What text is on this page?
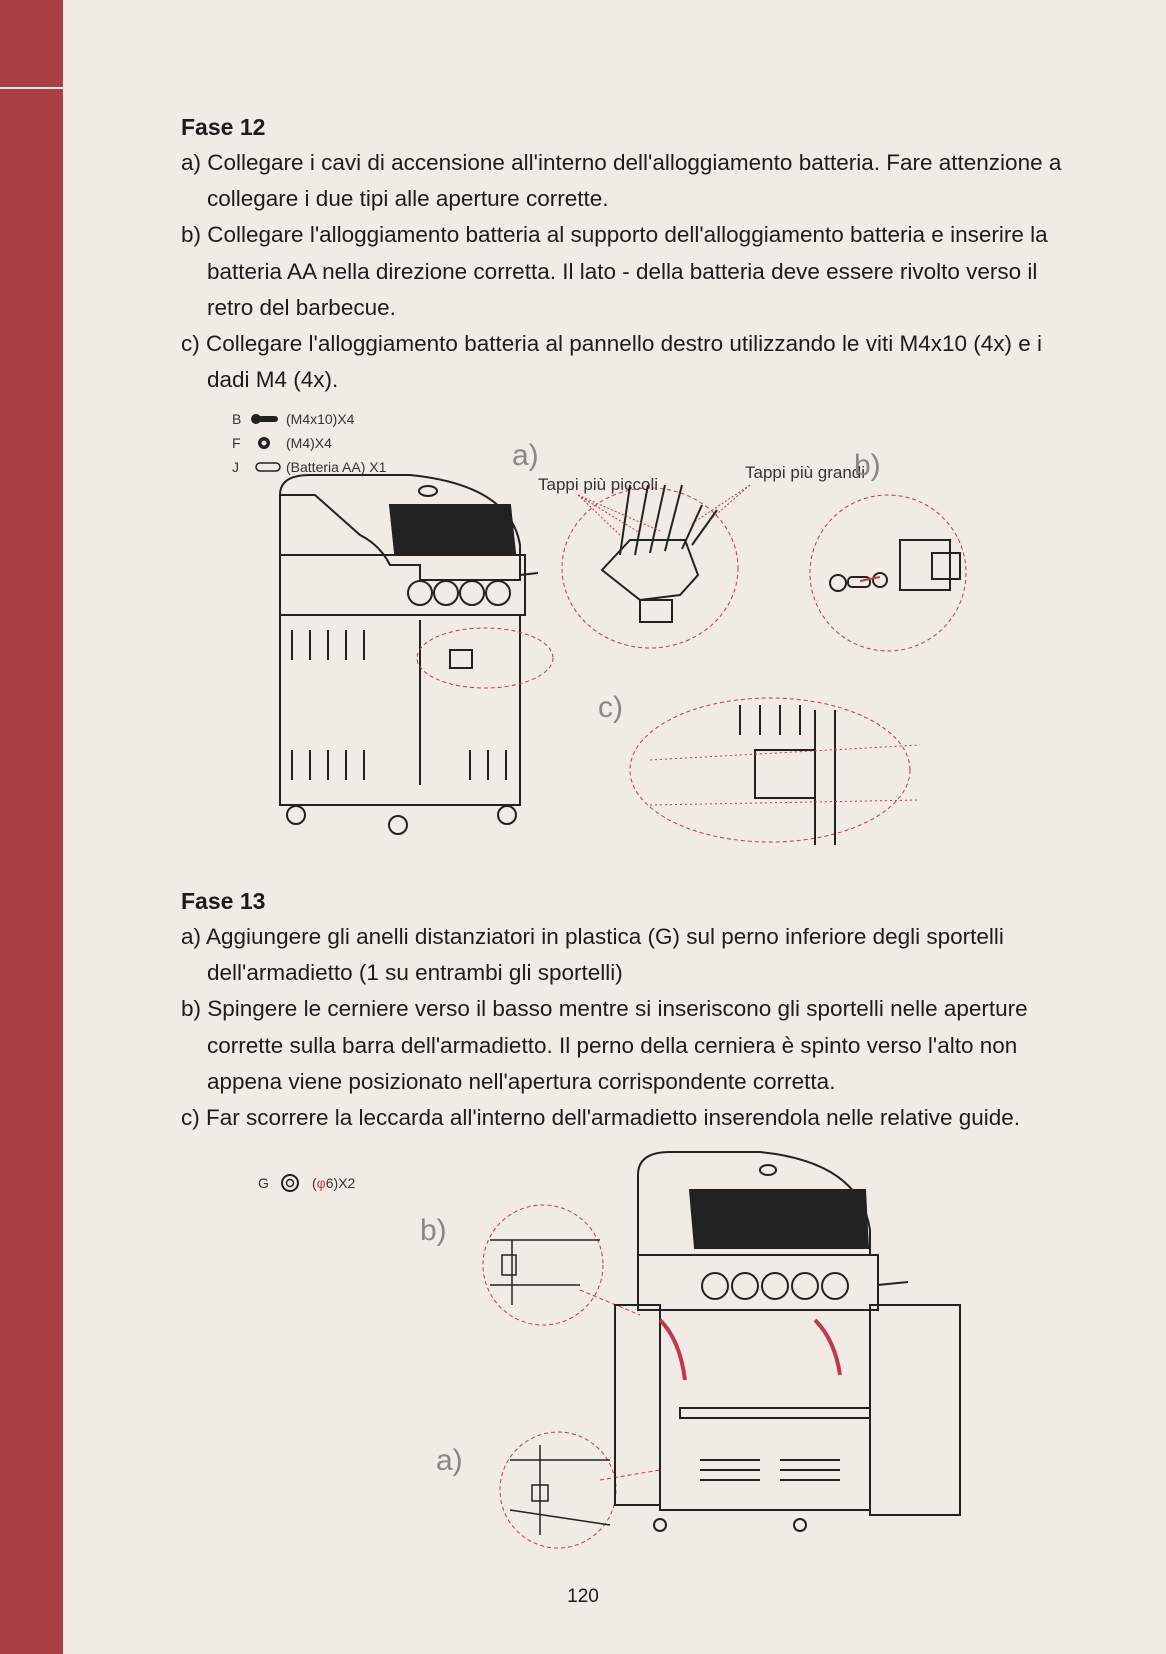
Fase 12
a) Collegare i cavi di accensione all'interno dell'alloggiamento batteria. Fare attenzione a collegare i due tipi alle aperture corrette.
b) Collegare l'alloggiamento batteria al supporto dell'alloggiamento batteria e inserire la batteria AA nella direzione corretta. Il lato - della batteria deve essere rivolto verso il retro del barbecue.
c) Collegare l'alloggiamento batteria al pannello destro utilizzando le viti M4x10 (4x) e i dadi M4 (4x).
B	(M4x10)X4
F	(M4)X4
J	(Batteria AA) X1	a)
Tappi più piccoli
Tappi più grandi
b)
c)
Fase 13
a) Aggiungere gli anelli distanziatori in plastica (G) sul perno inferiore degli sportelli dell'armadietto (1 su entrambi gli sportelli)
b) Spingere le cerniere verso il basso mentre si inseriscono gli sportelli nelle aperture corrette sulla barra dell'armadietto. Il perno della cerniera è spinto verso l'alto non appena viene posizionato nell'apertura corrispondente corretta.
c) Far scorrere la leccarda all'interno dell'armadietto inserendola nelle relative guide.
G	(φ6)X2
b)
a)
120
